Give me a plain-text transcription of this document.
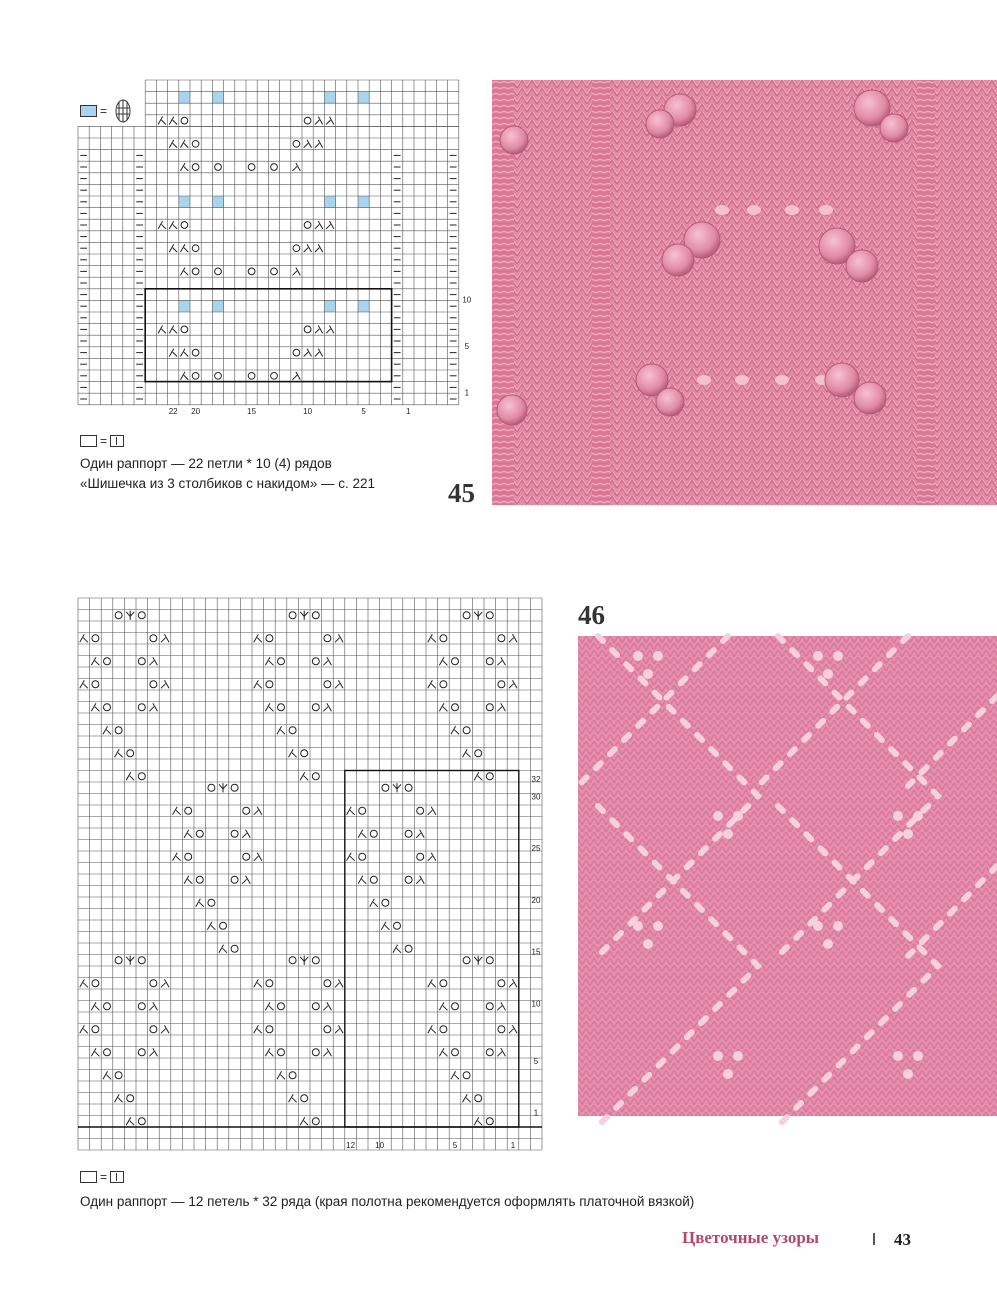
=
22 20	15	10	5	1
10
5
1
=
Один раппорт — 22 петли * 10 (4) рядов
«Шишечка из 3 столбиков с накидом» — с. 221	45
12	10	5	1
32
30
25
20
15
10
5
1
=
Один раппорт — 12 петель * 32 ряда (края полотна рекомендуется оформлять платочной вязкой)
46
Цветочные узоры	43
